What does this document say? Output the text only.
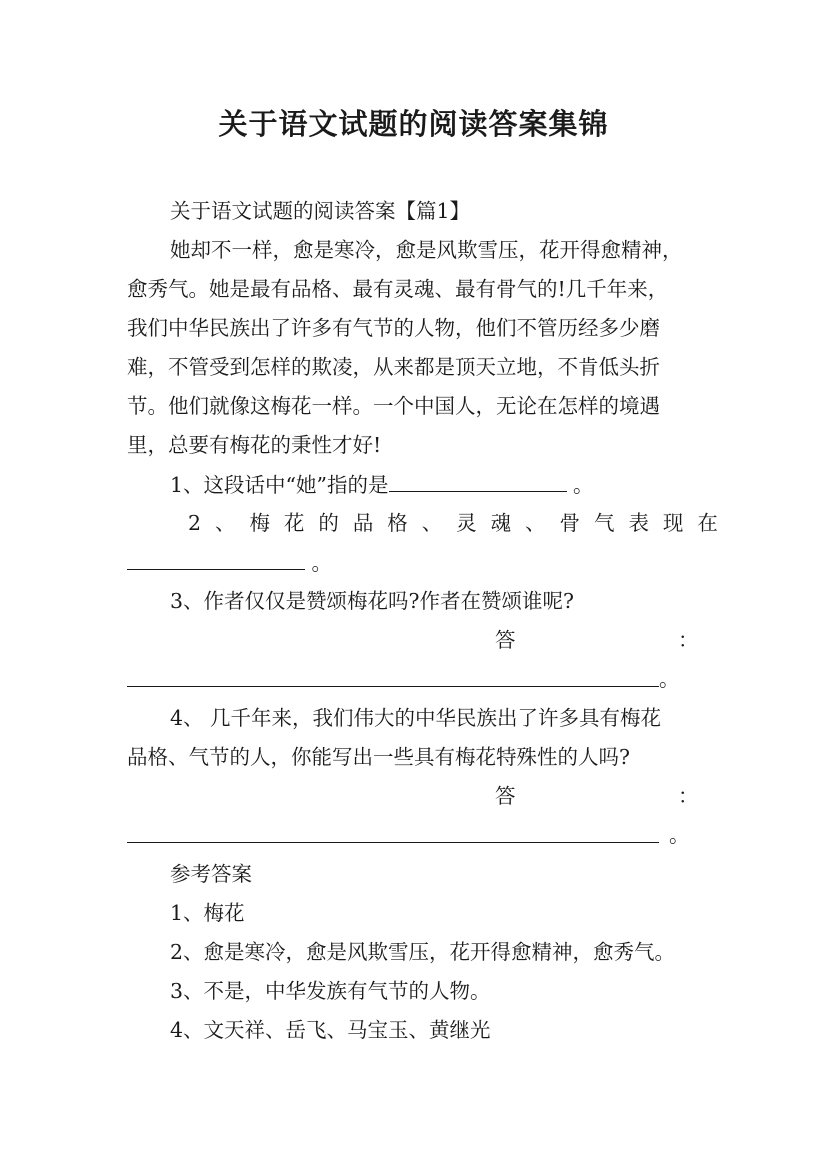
关于语文试题的阅读答案集锦
关于语文试题的阅读答案【篇1】
她却不一样，愈是寒冷，愈是风欺雪压，花开得愈精神，
愈秀气。她是最有品格、最有灵魂、最有骨气的!几千年来，
我们中华民族出了许多有气节的人物，他们不管历经多少磨
难，不管受到怎样的欺凌，从来都是顶天立地，不肯低头折
节。他们就像这梅花一样。一个中国人，无论在怎样的境遇
里，总要有梅花的秉性才好!
1、这段话中“她”指的是	。
2 、 梅 花 的 品 格 、 灵 魂 、 骨 气 表 现 在
。
3、作者仅仅是赞颂梅花吗?作者在赞颂谁呢?
答	：
。
4、 几千年来，我们伟大的中华民族出了许多具有梅花
品格、气节的人，你能写出一些具有梅花特殊性的人吗?
答	：
。
参考答案
1、梅花
2、愈是寒冷，愈是风欺雪压，花开得愈精神，愈秀气。
3、不是，中华发族有气节的人物。
4、文天祥、岳飞、马宝玉、黄继光
